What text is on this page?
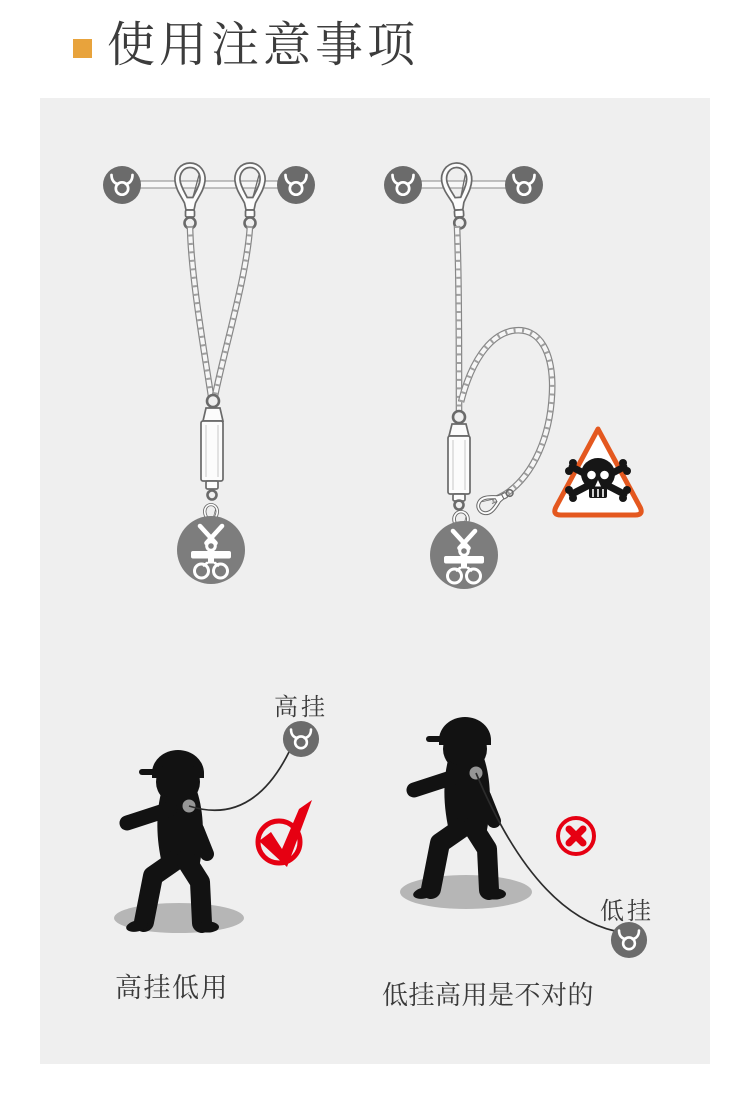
使用注意事项
高挂
低挂
高挂低用	低挂高用是不对的
